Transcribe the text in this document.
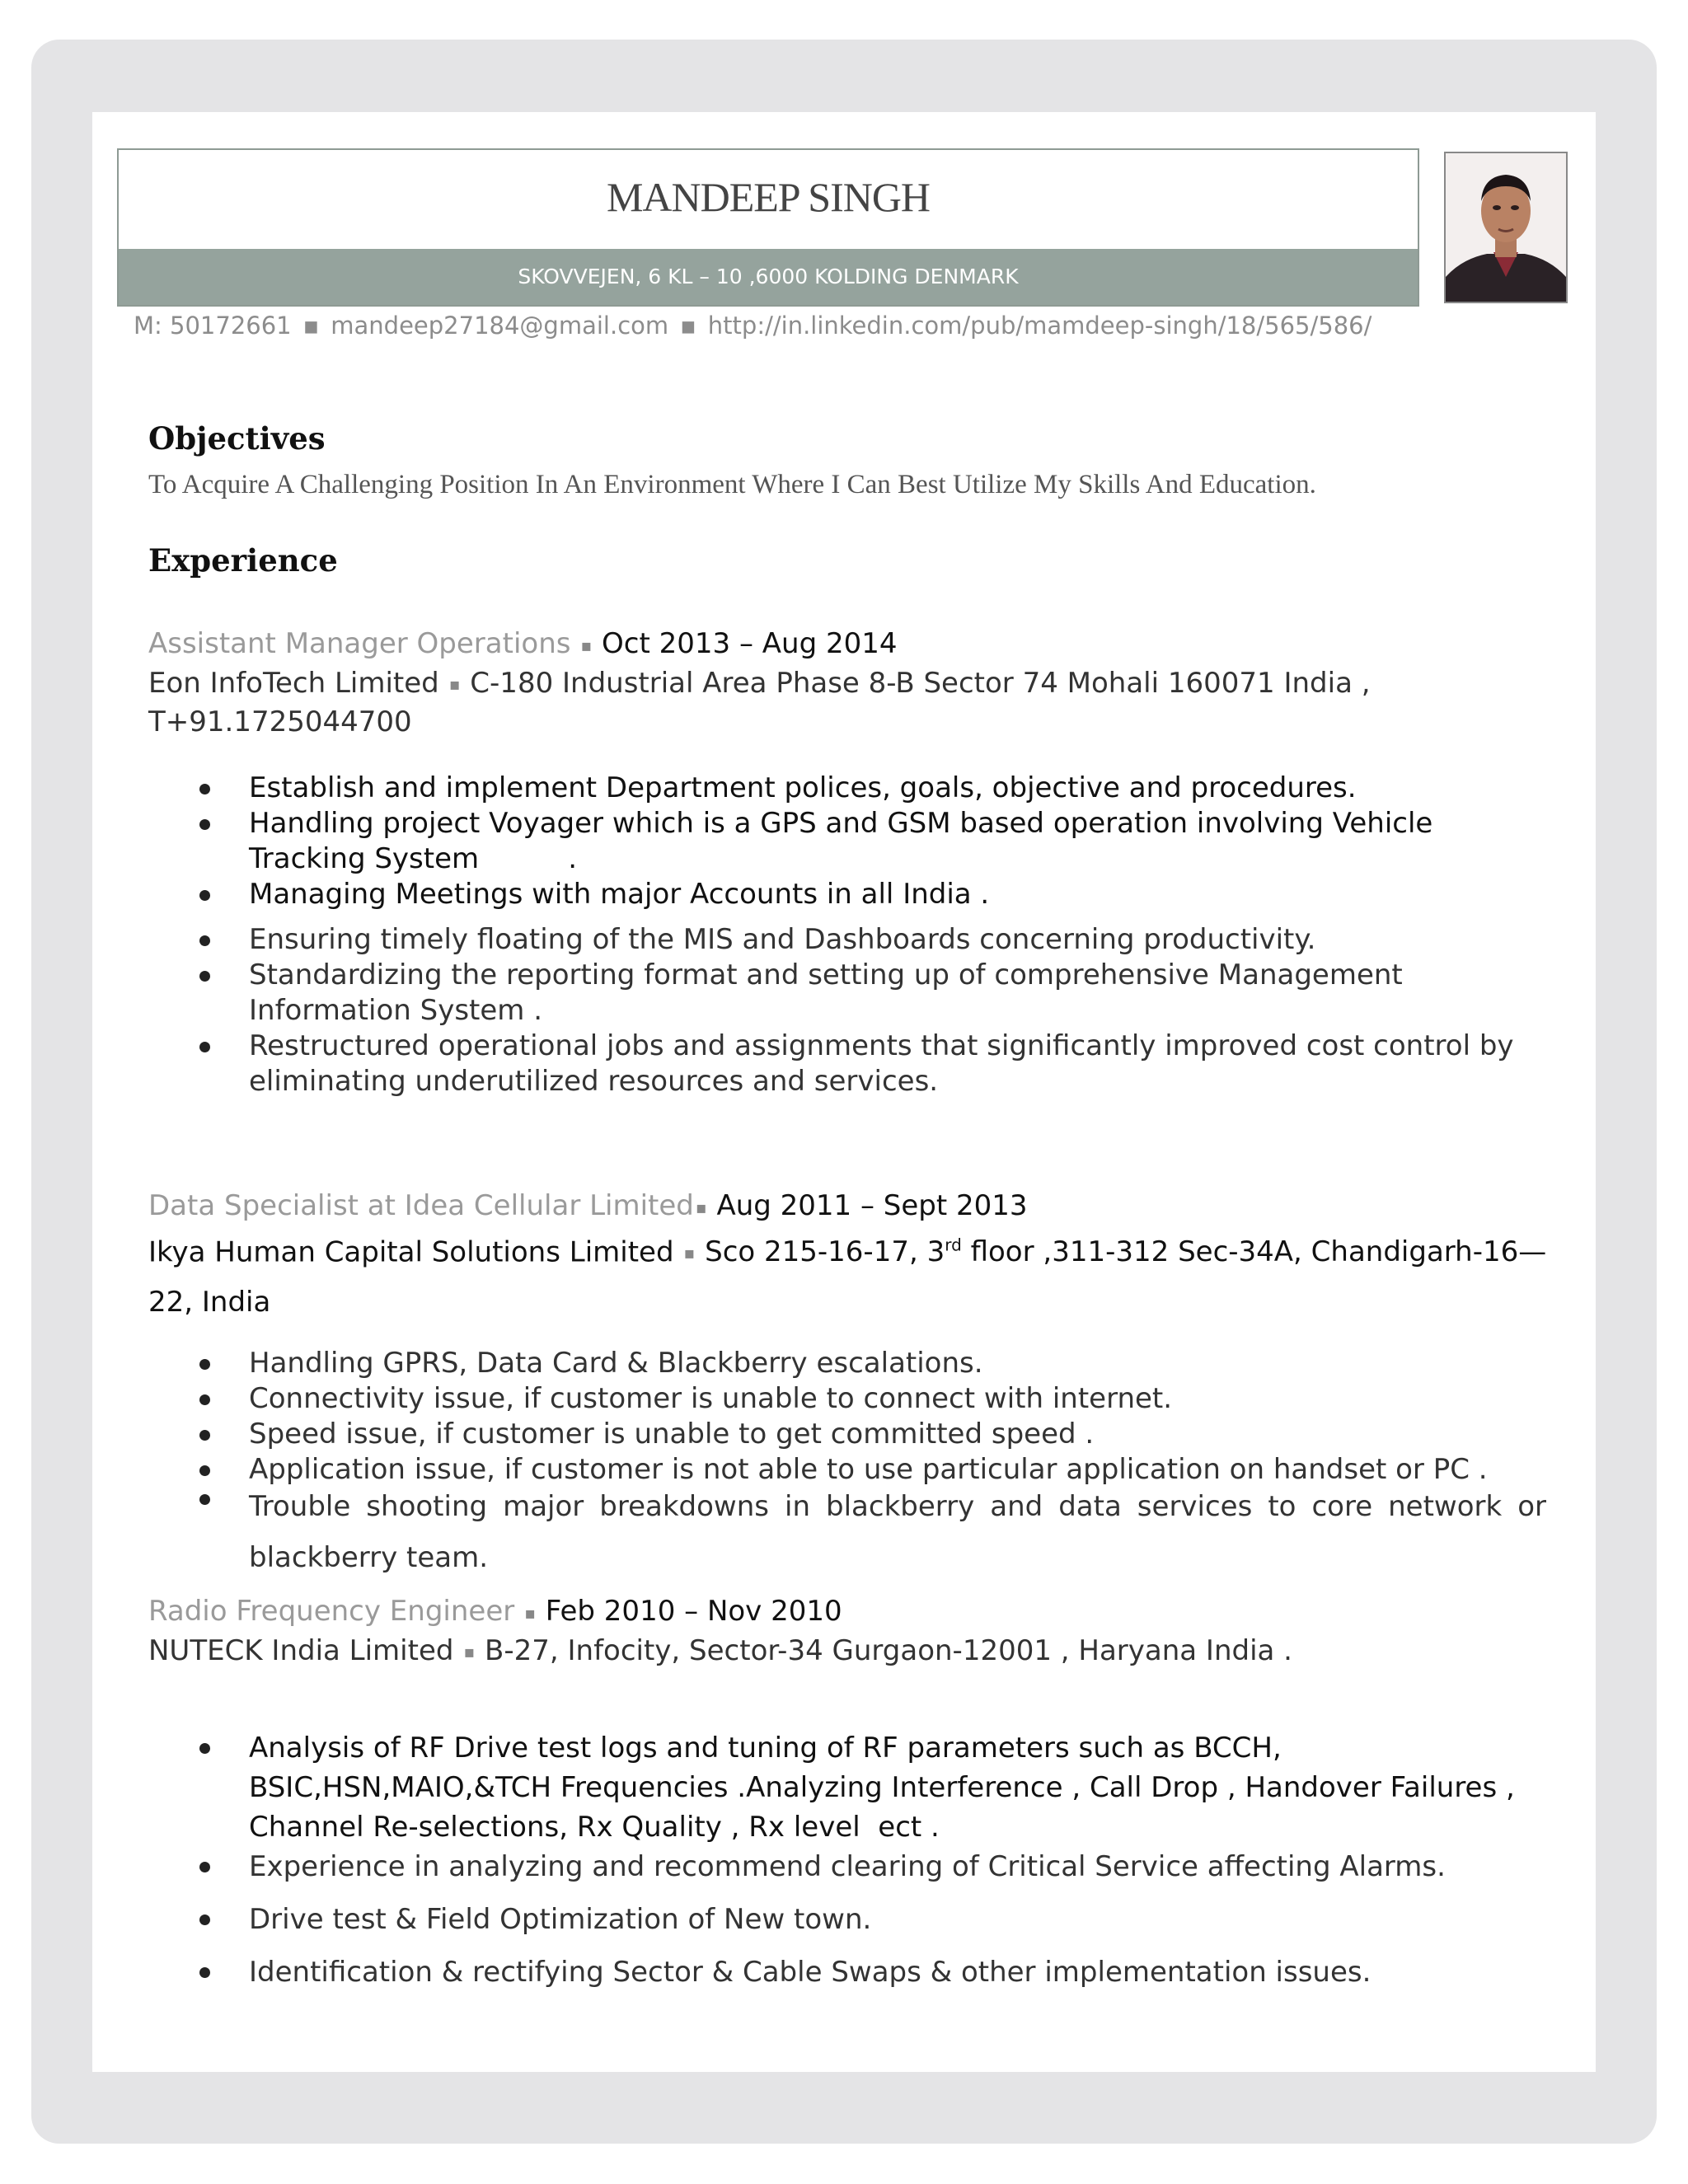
MANDEEP SINGH
SKOVVEJEN, 6 KL – 10 ,6000 KOLDING DENMARK
M: 50172661 ▪ mandeep27184@gmail.com ▪ http://in.linkedin.com/pub/mamdeep-singh/18/565/586/
Objectives
To Acquire A Challenging Position In An Environment Where I Can Best Utilize My Skills And Education.
Experience
Assistant Manager Operations ▪ Oct 2013 – Aug 2014
Eon InfoTech Limited ▪ C-180 Industrial Area Phase 8-B Sector 74 Mohali 160071 India ,
T+91.1725044700
Establish and implement Department polices, goals, objective and procedures.
Handling project Voyager which is a GPS and GSM based operation involving Vehicle Tracking System          .
Managing Meetings with major Accounts in all India .
Ensuring timely floating of the MIS and Dashboards concerning productivity.
Standardizing the reporting format and setting up of comprehensive Management Information System .
Restructured operational jobs and assignments that significantly improved cost control by eliminating underutilized resources and services.
Data Specialist at Idea Cellular Limited ▪ Aug 2011 – Sept 2013
Ikya Human Capital Solutions Limited ▪ Sco 215-16-17, 3rd floor ,311-312 Sec-34A, Chandigarh-16—
22, India
Handling GPRS, Data Card & Blackberry escalations.
Connectivity issue, if customer is unable to connect with internet.
Speed issue, if customer is unable to get committed speed .
Application issue, if customer is not able to use particular application on handset or PC .
Trouble shooting major breakdowns in blackberry and data services to core network or blackberry team.
Radio Frequency Engineer ▪ Feb 2010 – Nov 2010
NUTECK India Limited ▪ B-27, Infocity, Sector-34 Gurgaon-12001 , Haryana India .
Analysis of RF Drive test logs and tuning of RF parameters such as BCCH, BSIC,HSN,MAIO,&TCH Frequencies .Analyzing Interference , Call Drop , Handover Failures , Channel Re-selections, Rx Quality , Rx level  ect .
Experience in analyzing and recommend clearing of Critical Service affecting Alarms.
Drive test & Field Optimization of New town.
Identification & rectifying Sector & Cable Swaps & other implementation issues.
